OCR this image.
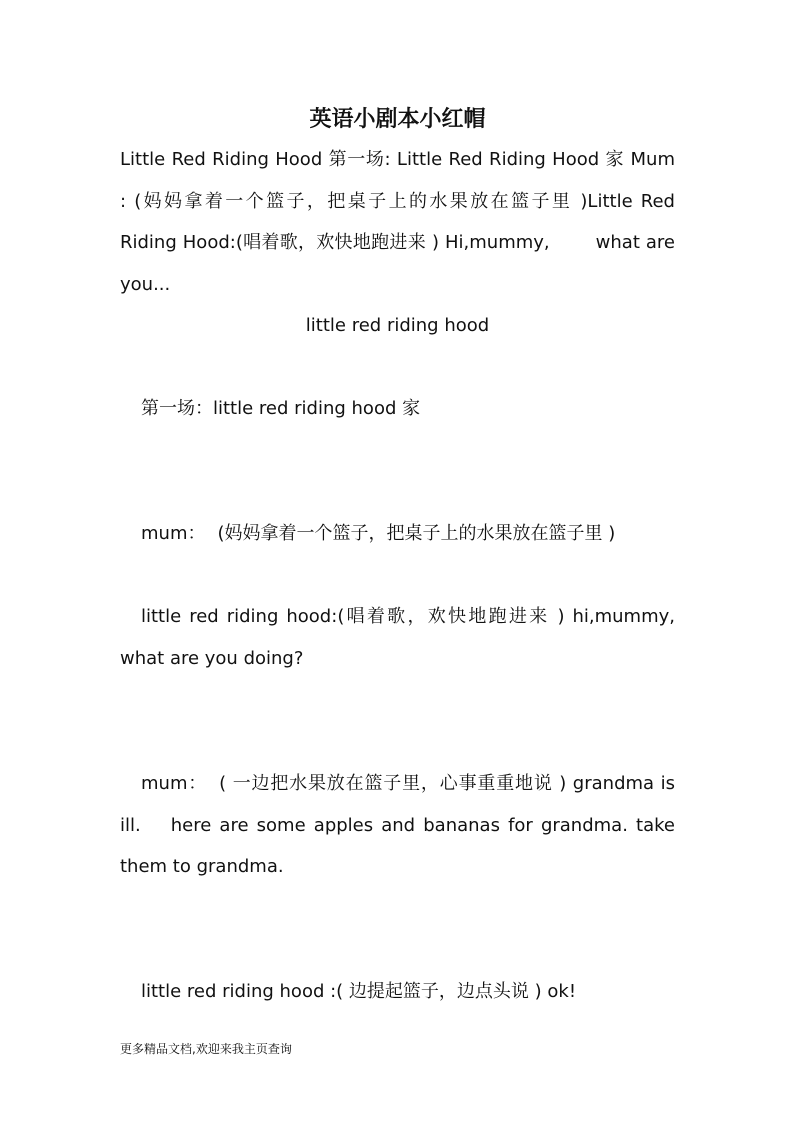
英语小剧本小红帽

Little Red Riding Hood 第一场: Little Red Riding Hood 家 Mum : (妈妈拿着一个篮子，把桌子上的水果放在篮子里 )Little Red Riding Hood:(唱着歌，欢快地跑进来 ) Hi,mummy,	what are you...

little red riding hood

第一场：little red riding hood 家

mum： (妈妈拿着一个篮子，把桌子上的水果放在篮子里 )

little red riding hood:(唱着歌，欢快地跑进来 ) hi,mummy, what are you doing?

mum： ( 一边把水果放在篮子里，心事重重地说 ) grandma is ill. here are some apples and bananas for grandma. take them to grandma.

little red riding hood :( 边提起篮子，边点头说 ) ok!

更多精品文档,欢迎来我主页查询
